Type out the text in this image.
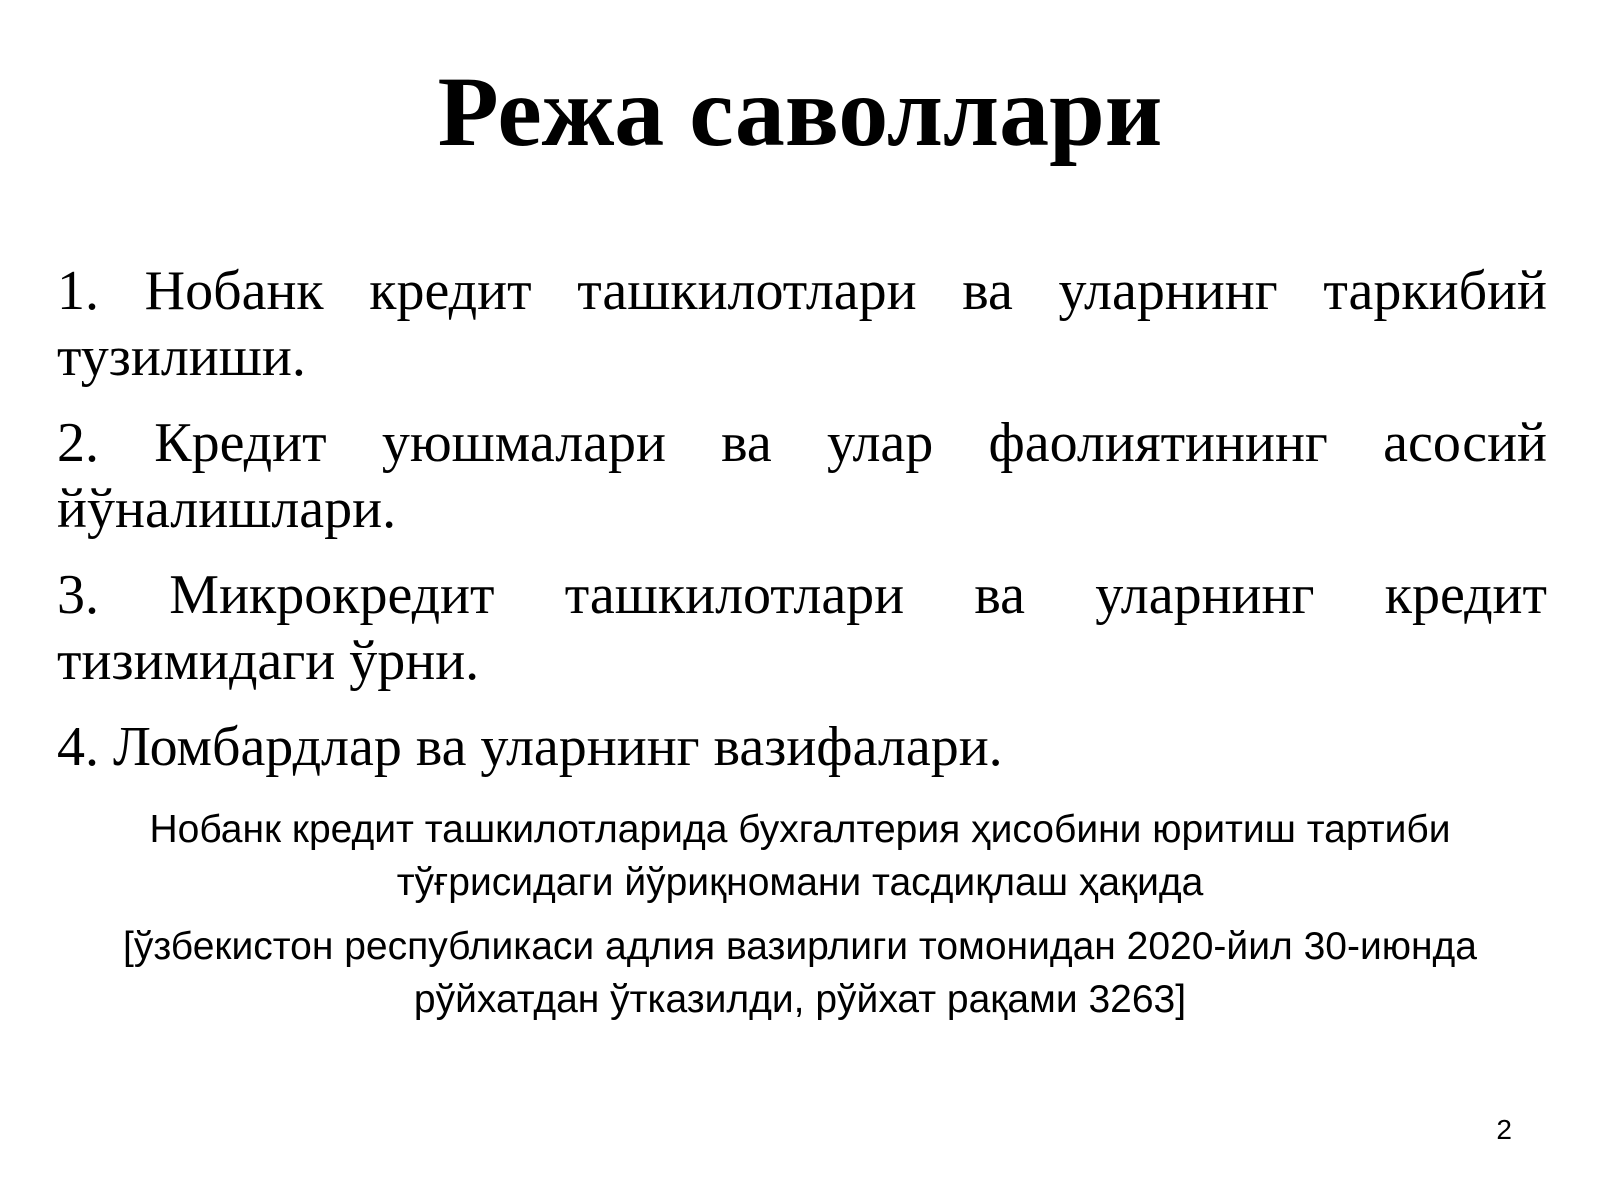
Режа саволлари
1. Нобанк кредит ташкилотлари ва уларнинг таркибий тузилиши.
2. Кредит уюшмалари ва улар фаолиятининг асосий йўналишлари.
3. Микрокредит ташкилотлари ва уларнинг кредит тизимидаги ўрни.
4. Ломбардлар ва уларнинг вазифалари.

Нобанк кредит ташкилотларида бухгалтерия ҳисобини юритиш тартиби тўғрисидаги йўриқномани тасдиқлаш ҳақида

[ўзбекистон республикаси адлия вазирлиги томонидан 2020-йил 30-июнда рўйхатдан ўтказилди, рўйхат рақами 3263]

2
